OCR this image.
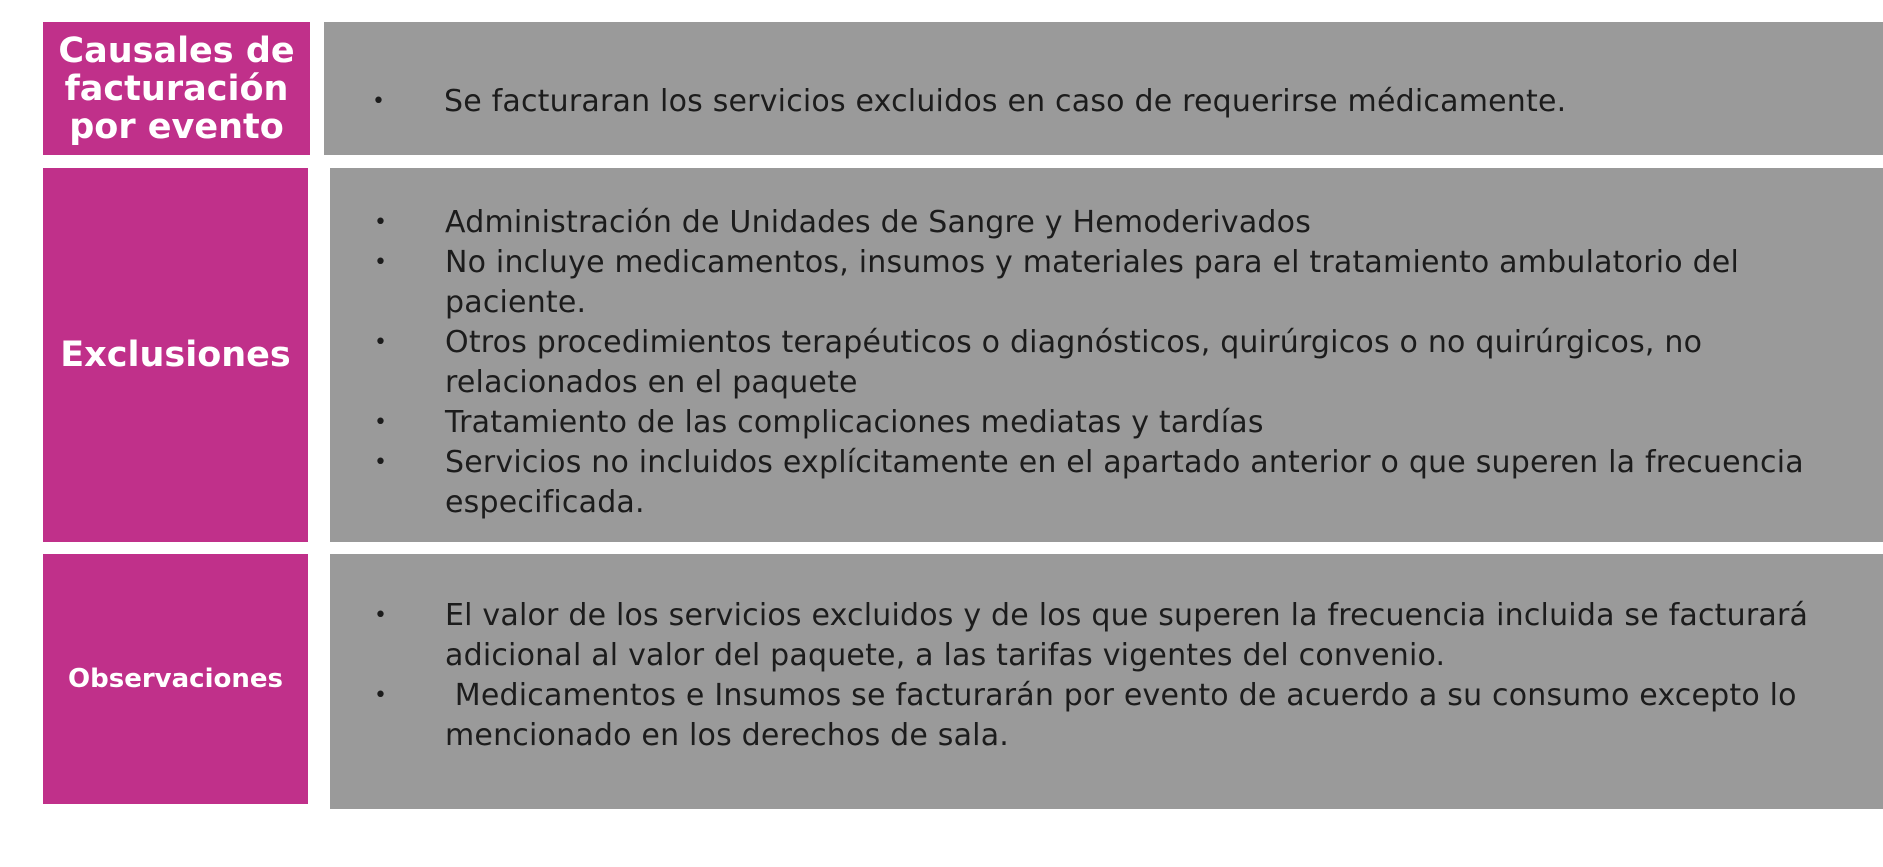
Causales de facturación por evento
• Se facturaran los servicios excluidos en caso de requerirse médicamente.
Exclusiones
• Administración de Unidades de Sangre y Hemoderivados
• No incluye medicamentos, insumos y materiales para el tratamiento ambulatorio del paciente.
• Otros procedimientos terapéuticos o diagnósticos, quirúrgicos o no quirúrgicos, no relacionados en el paquete
• Tratamiento de las complicaciones mediatas y tardías
• Servicios no incluidos explícitamente en el apartado anterior o que superen la frecuencia especificada.
Observaciones
• El valor de los servicios excluidos y de los que superen la frecuencia incluida se facturará adicional al valor del paquete, a las tarifas vigentes del convenio.
• Medicamentos e Insumos se facturarán por evento de acuerdo a su consumo excepto lo mencionado en los derechos de sala.
